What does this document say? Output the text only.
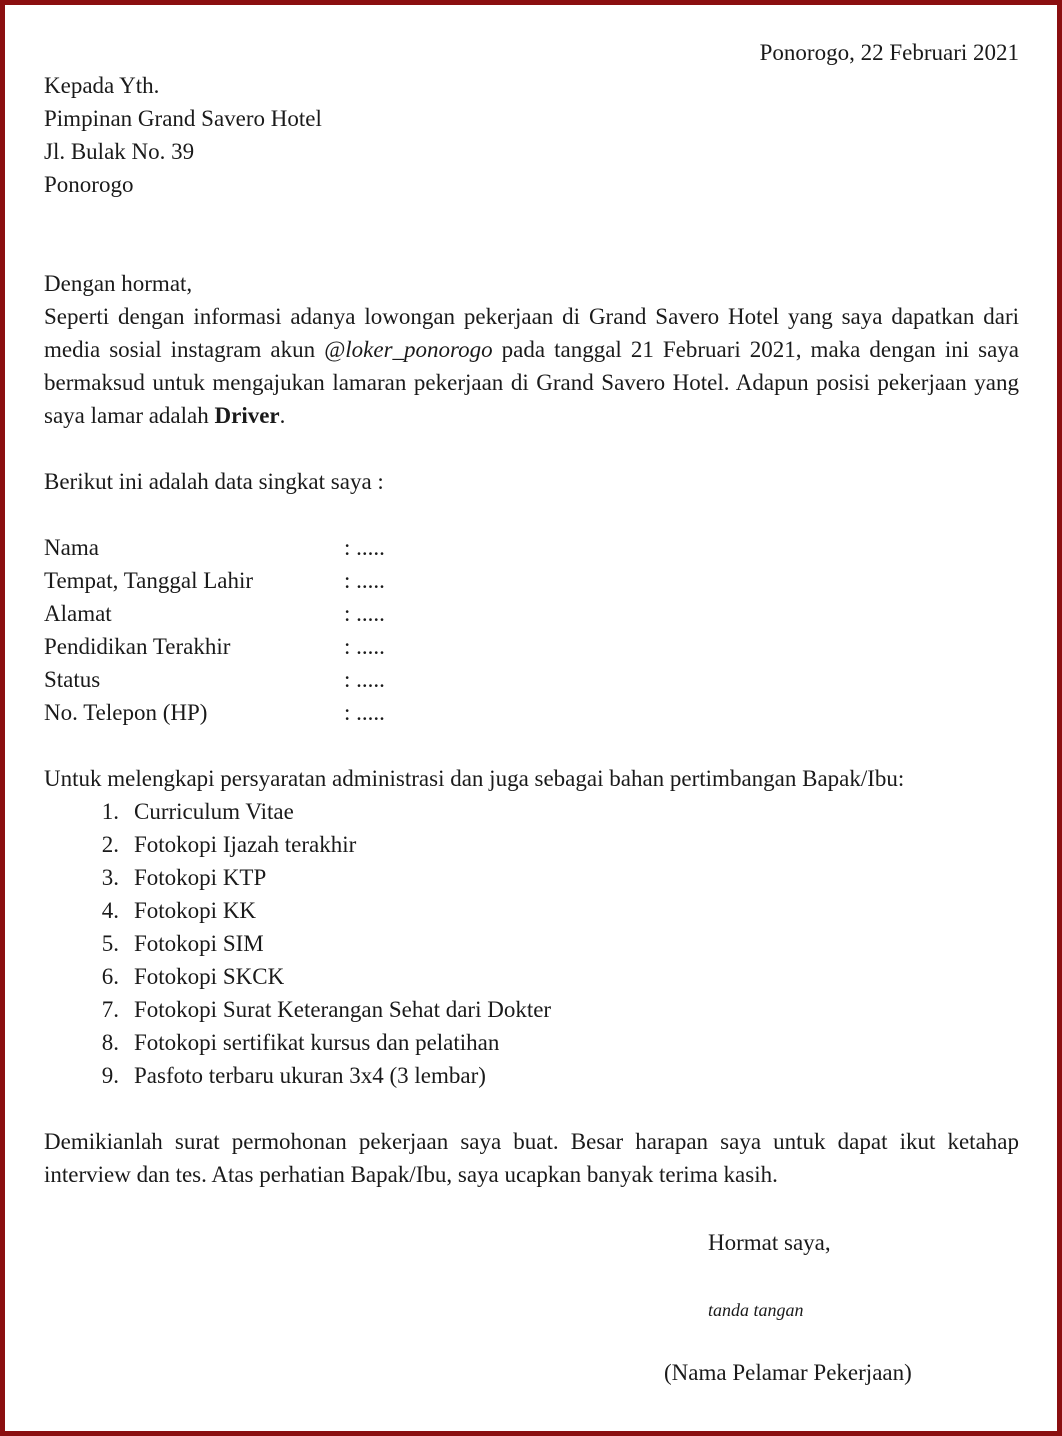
Ponorogo, 22 Februari 2021

Kepada Yth.

Pimpinan Grand Savero Hotel

Jl. Bulak No. 39

Ponorogo

Dengan hormat,

Seperti dengan informasi adanya lowongan pekerjaan di Grand Savero Hotel yang saya dapatkan dari media sosial instagram akun @loker_ponorogo pada tanggal 21 Februari 2021, maka dengan ini saya bermaksud untuk mengajukan lamaran pekerjaan di Grand Savero Hotel. Adapun posisi pekerjaan yang saya lamar adalah Driver.

Berikut ini adalah data singkat saya :

Nama	: .....
Tempat, Tanggal Lahir	: .....
Alamat	: .....
Pendidikan Terakhir	: .....
Status	: .....
No. Telepon (HP)	: .....

Untuk melengkapi persyaratan administrasi dan juga sebagai bahan pertimbangan Bapak/Ibu:

1. Curriculum Vitae
2. Fotokopi Ijazah terakhir
3. Fotokopi KTP
4. Fotokopi KK
5. Fotokopi SIM
6. Fotokopi SKCK
7. Fotokopi Surat Keterangan Sehat dari Dokter
8. Fotokopi sertifikat kursus dan pelatihan
9. Pasfoto terbaru ukuran 3x4 (3 lembar)

Demikianlah surat permohonan pekerjaan saya buat. Besar harapan saya untuk dapat ikut ketahap interview dan tes. Atas perhatian Bapak/Ibu, saya ucapkan banyak terima kasih.

Hormat saya,

tanda tangan

(Nama Pelamar Pekerjaan)
